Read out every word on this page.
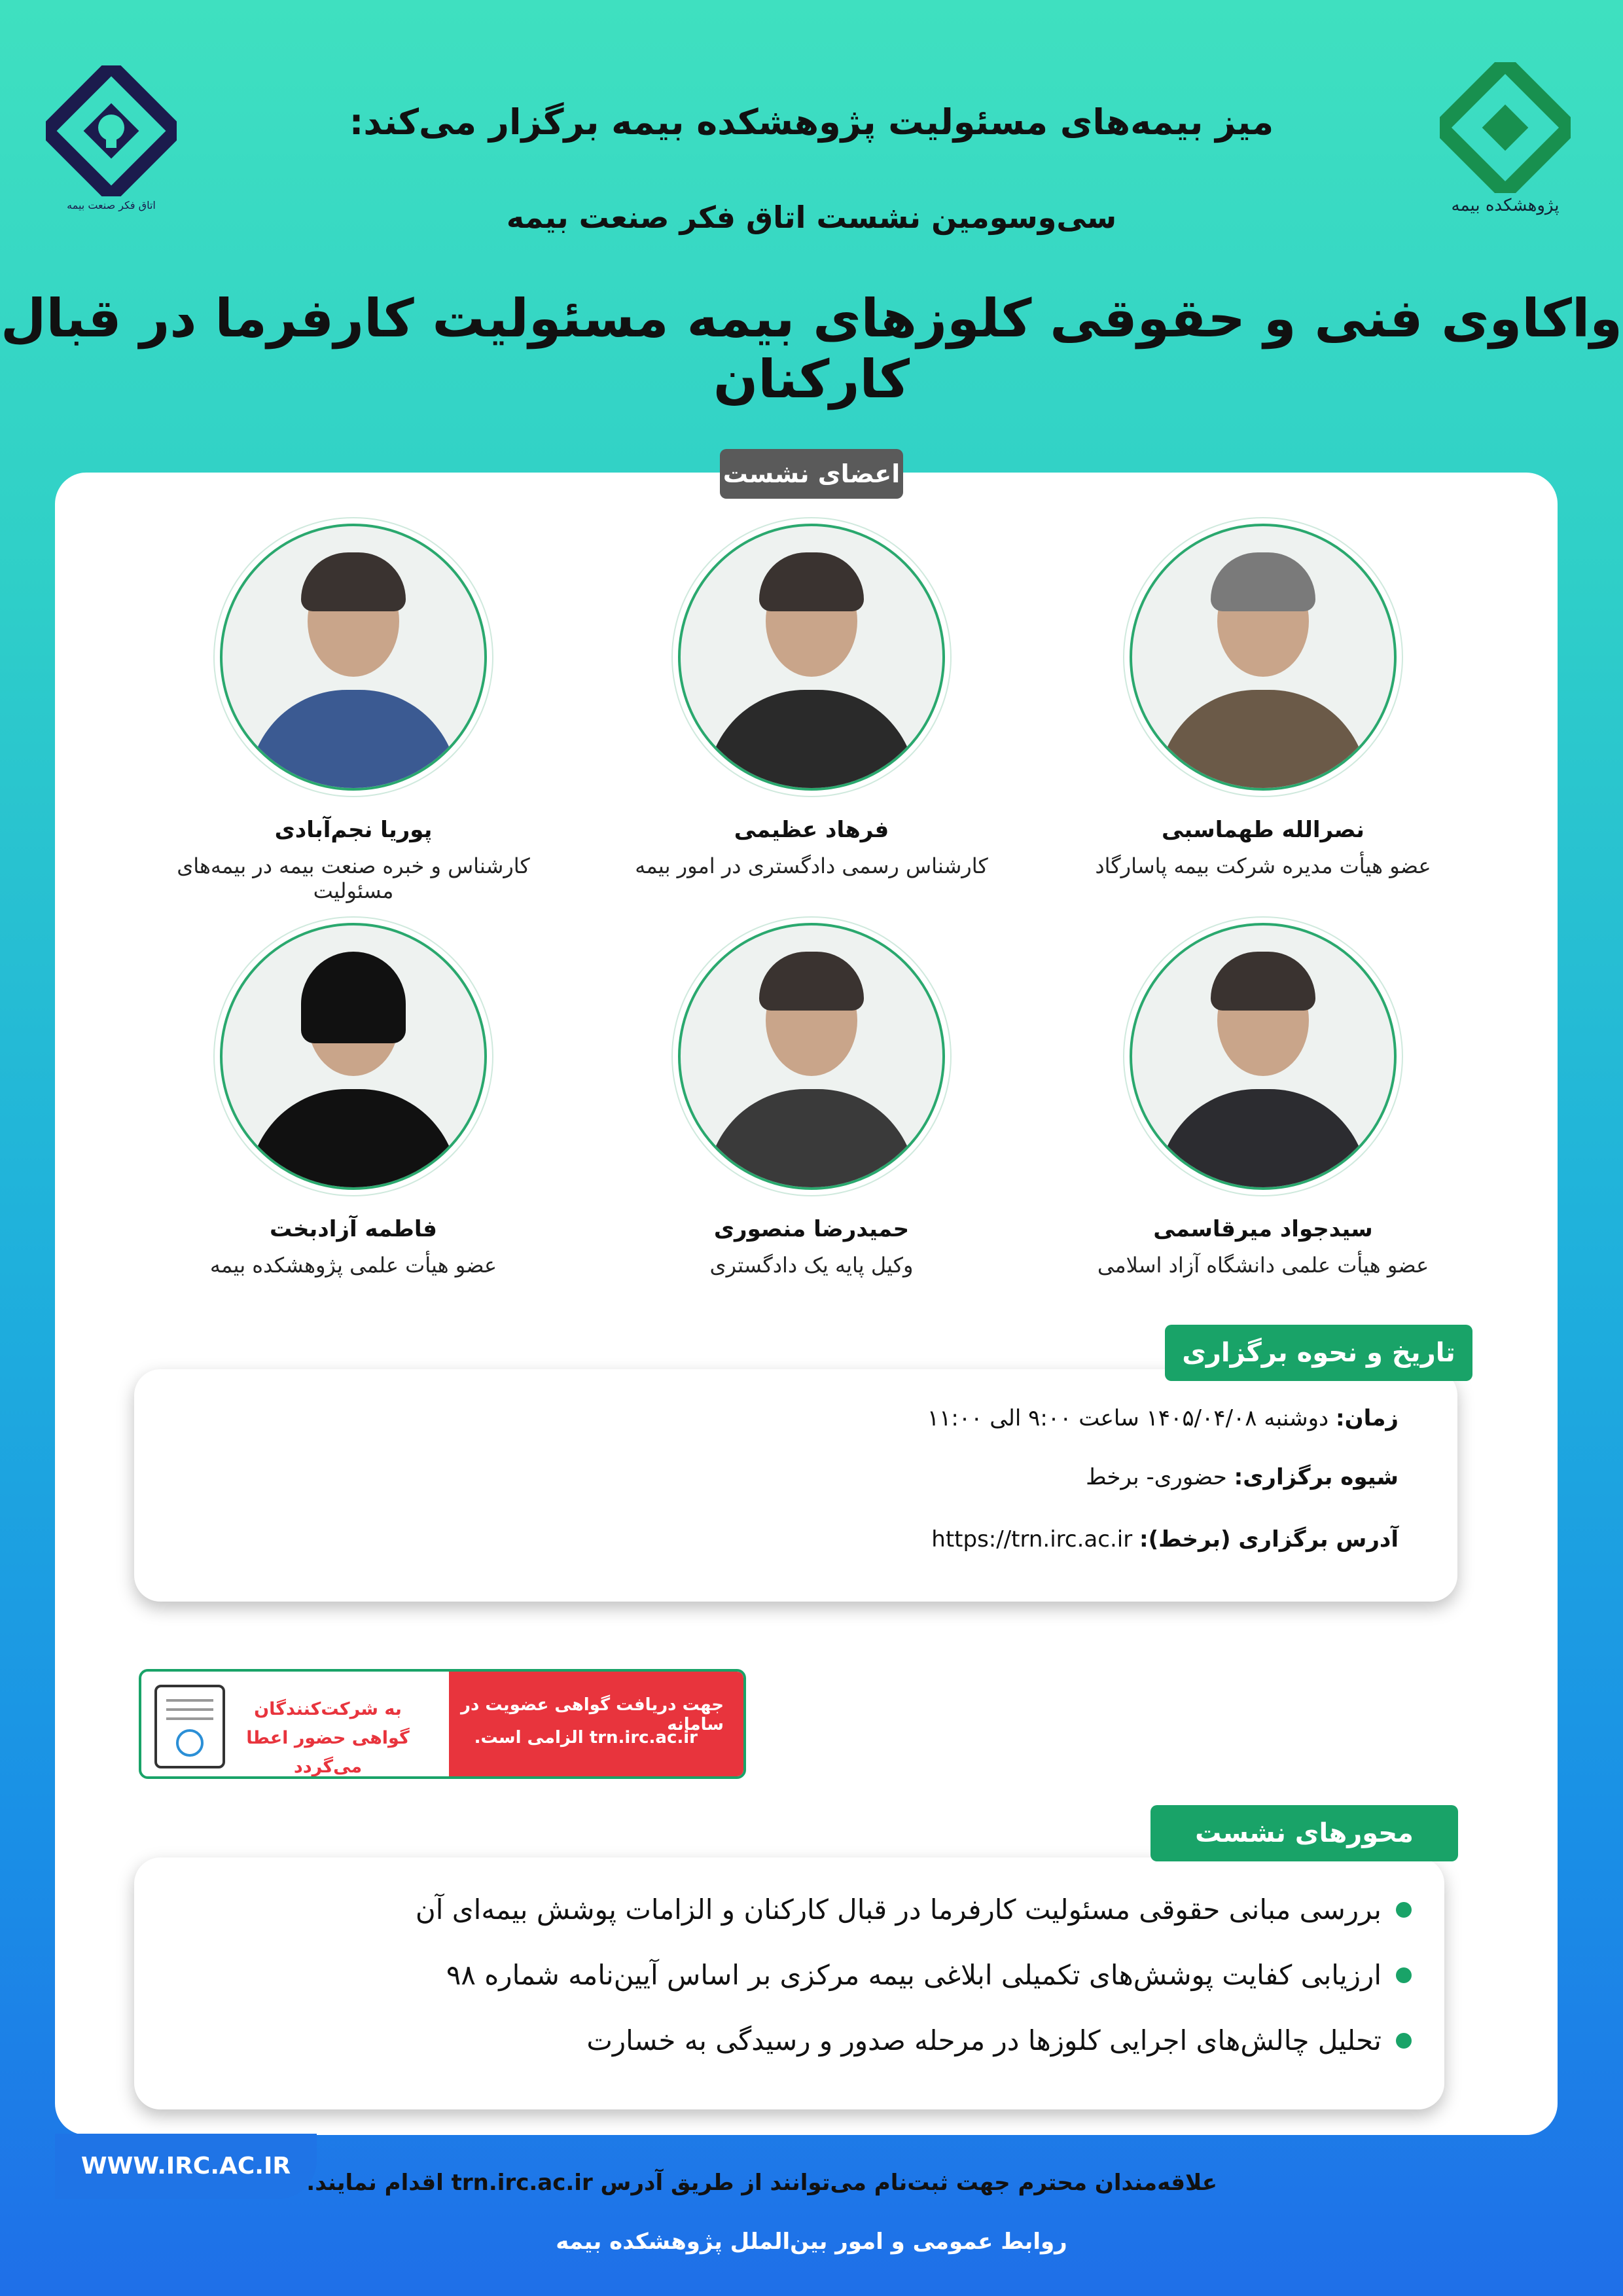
اتاق فکر صنعت بیمه	پژوهشکده بیمه
میز بیمه‌های مسئولیت پژوهشکده بیمه برگزار می‌کند:
سی‌وسومین نشست اتاق فکر صنعت بیمه
واکاوی فنی و حقوقی کلوزهای بیمه مسئولیت کارفرما در قبال کارکنان
اعضای نشست
نصرالله طهماسبی
عضو هیأت مدیره شرکت بیمه پاسارگاد
فرهاد عظیمی
کارشناس رسمی دادگستری در امور بیمه
پوریا نجم‌آبادی
کارشناس و خبره صنعت بیمه در بیمه‌های مسئولیت
سیدجواد میرقاسمی
عضو هیأت علمی دانشگاه آزاد اسلامی
حمیدرضا منصوری
وکیل پایه یک دادگستری
فاطمه آزادبخت
عضو هیأت علمی پژوهشکده بیمه
زمان: دوشنبه ۱۴۰۵/۰۴/۰۸ ساعت ۹:۰۰ الی ۱۱:۰۰
شیوه برگزاری: حضوری- برخط
آدرس برگزاری (برخط): https://trn.irc.ac.ir
تاریخ و نحوه برگزاری
جهت دریافت گواهی عضویت در سامانه
trn.irc.ac.ir الزامی است.
به شرکت‌کنندگان
گواهی حضور اعطا می‌گردد
بررسی مبانی حقوقی مسئولیت کارفرما در قبال کارکنان و الزامات پوشش بیمه‌ای آن
ارزیابی کفایت پوشش‌های تکمیلی ابلاغی بیمه مرکزی بر اساس آیین‌نامه شماره ۹۸
تحلیل چالش‌های اجرایی کلوزها در مرحله صدور و رسیدگی به خسارت
محورهای نشست
WWW.IRC.AC.IR
علاقه‌مندان محترم جهت ثبت‌نام می‌توانند از طریق آدرس trn.irc.ac.ir اقدام نمایند.
روابط عمومی و امور بین‌الملل پژوهشکده بیمه
